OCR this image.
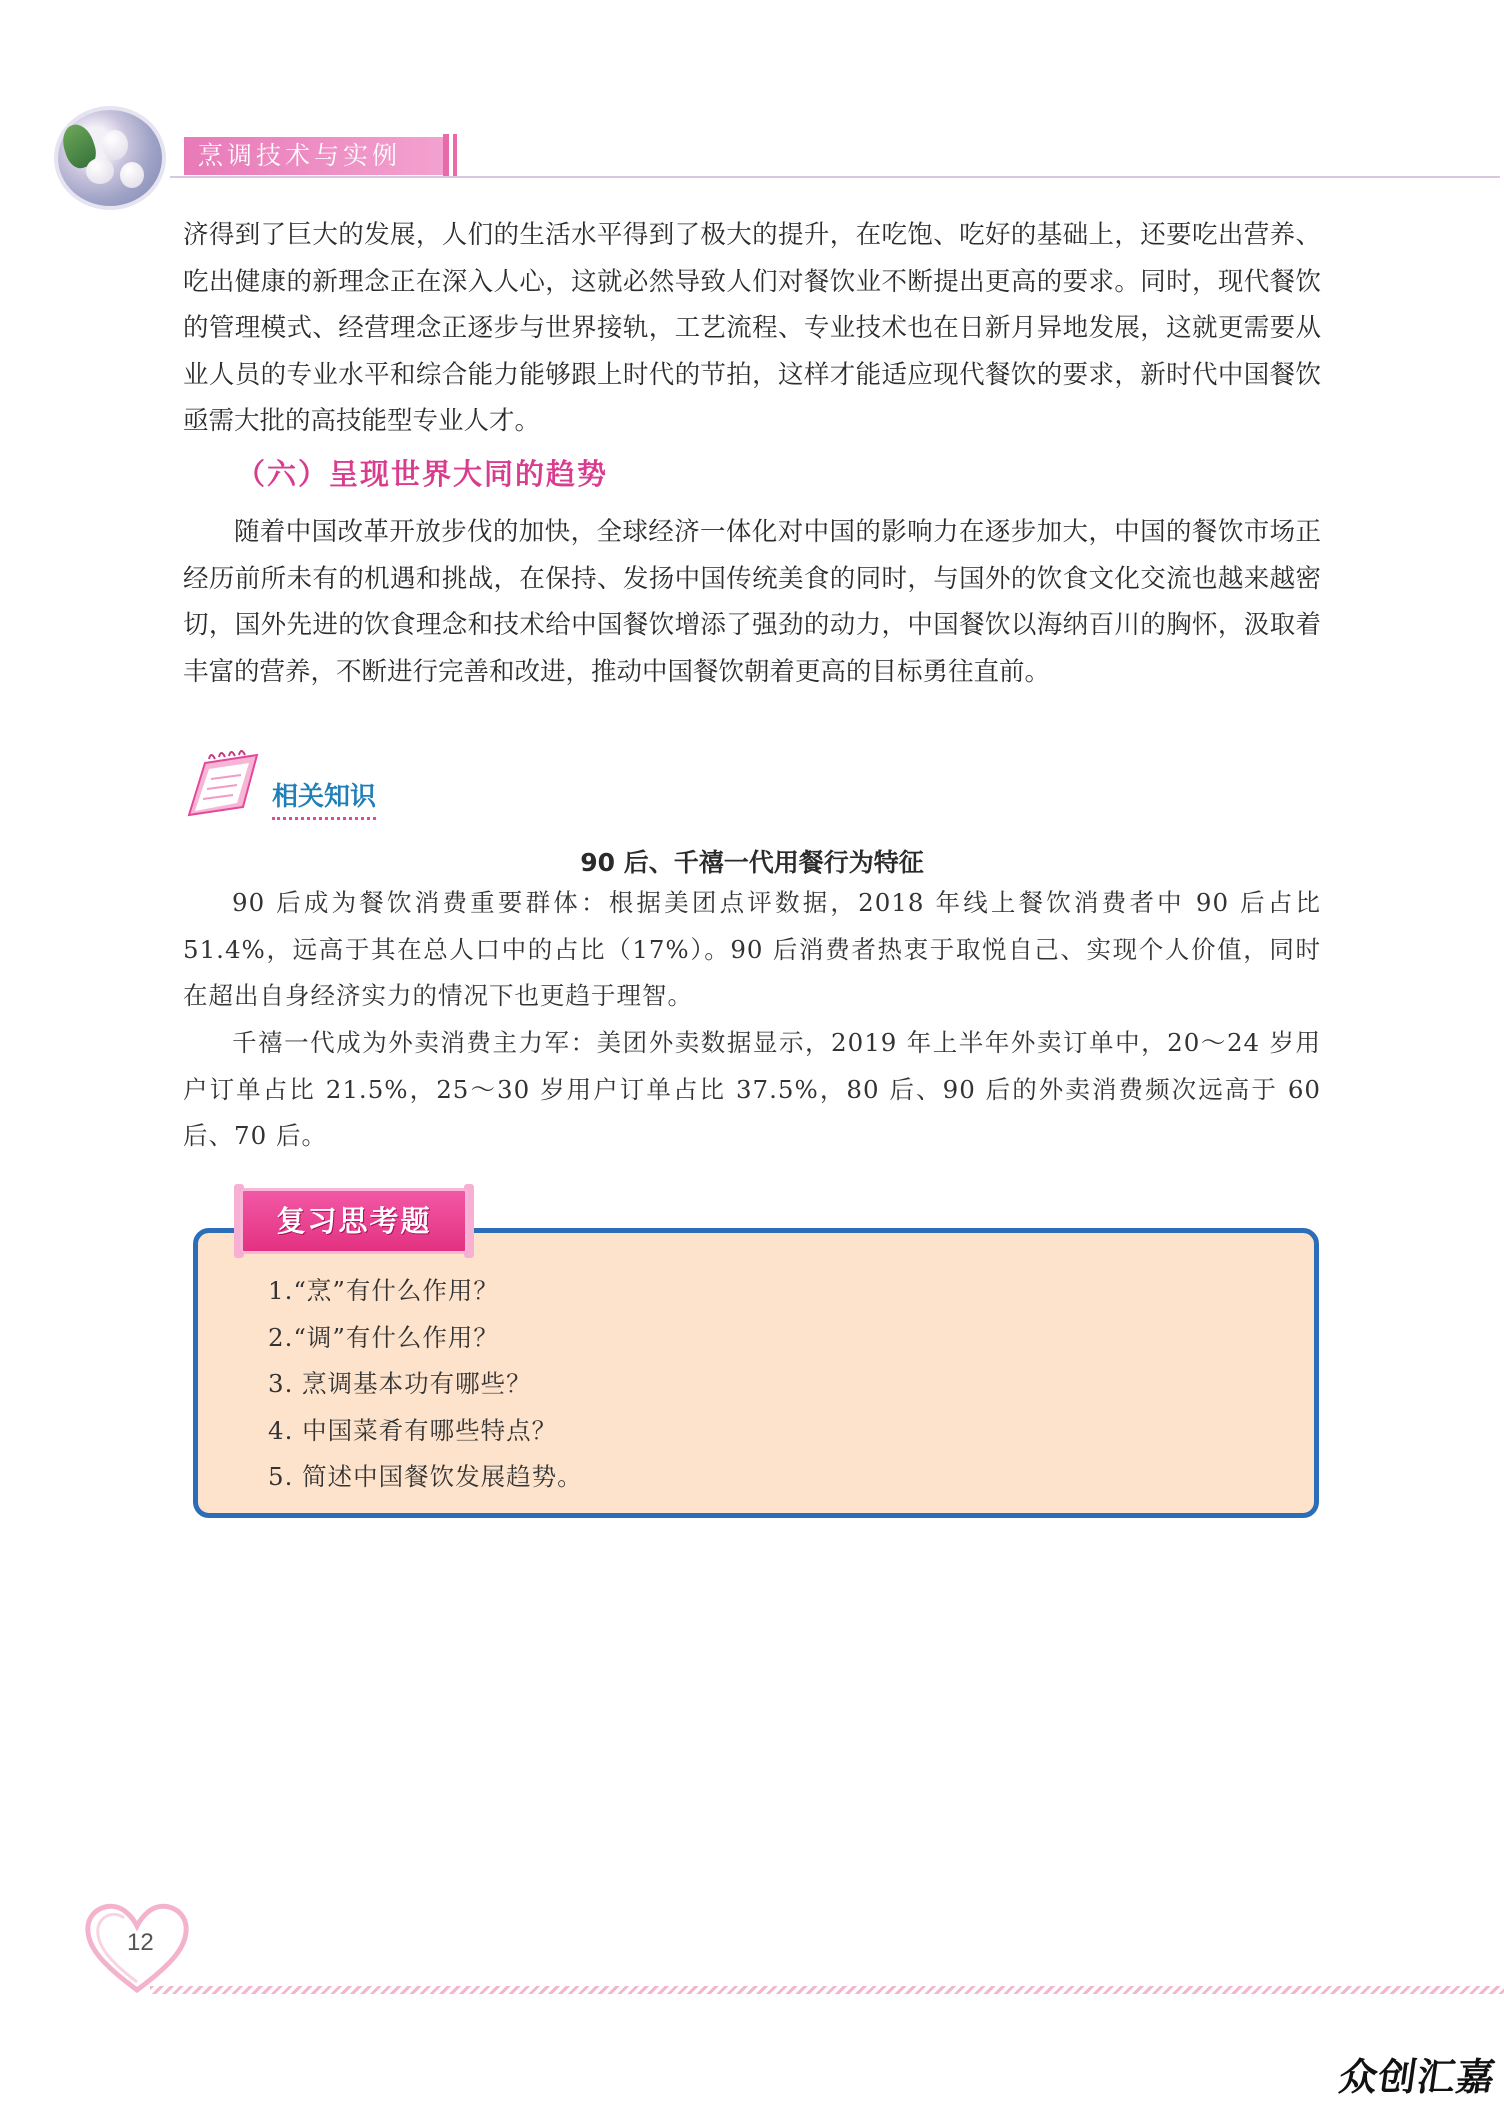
烹调技术与实例

济得到了巨大的发展，人们的生活水平得到了极大的提升，在吃饱、吃好的基础上，还要吃出营养、吃出健康的新理念正在深入人心，这就必然导致人们对餐饮业不断提出更高的要求。同时，现代餐饮的管理模式、经营理念正逐步与世界接轨，工艺流程、专业技术也在日新月异地发展，这就更需要从业人员的专业水平和综合能力能够跟上时代的节拍，这样才能适应现代餐饮的要求，新时代中国餐饮亟需大批的高技能型专业人才。

（六）呈现世界大同的趋势

随着中国改革开放步伐的加快，全球经济一体化对中国的影响力在逐步加大，中国的餐饮市场正经历前所未有的机遇和挑战，在保持、发扬中国传统美食的同时，与国外的饮食文化交流也越来越密切，国外先进的饮食理念和技术给中国餐饮增添了强劲的动力，中国餐饮以海纳百川的胸怀，汲取着丰富的营养，不断进行完善和改进，推动中国餐饮朝着更高的目标勇往直前。

相关知识
90 后、千禧一代用餐行为特征

90 后成为餐饮消费重要群体：根据美团点评数据，2018 年线上餐饮消费者中 90 后占比 51.4%，远高于其在总人口中的占比（17%）。90 后消费者热衷于取悦自己、实现个人价值，同时在超出自身经济实力的情况下也更趋于理智。

千禧一代成为外卖消费主力军：美团外卖数据显示，2019 年上半年外卖订单中，20～24 岁用户订单占比 21.5%，25～30 岁用户订单占比 37.5%，80 后、90 后的外卖消费频次远高于 60 后、70 后。

复习思考题
1.“烹”有什么作用？
2.“调”有什么作用？
3. 烹调基本功有哪些？
4. 中国菜肴有哪些特点？
5. 简述中国餐饮发展趋势。
12
众创汇嘉
